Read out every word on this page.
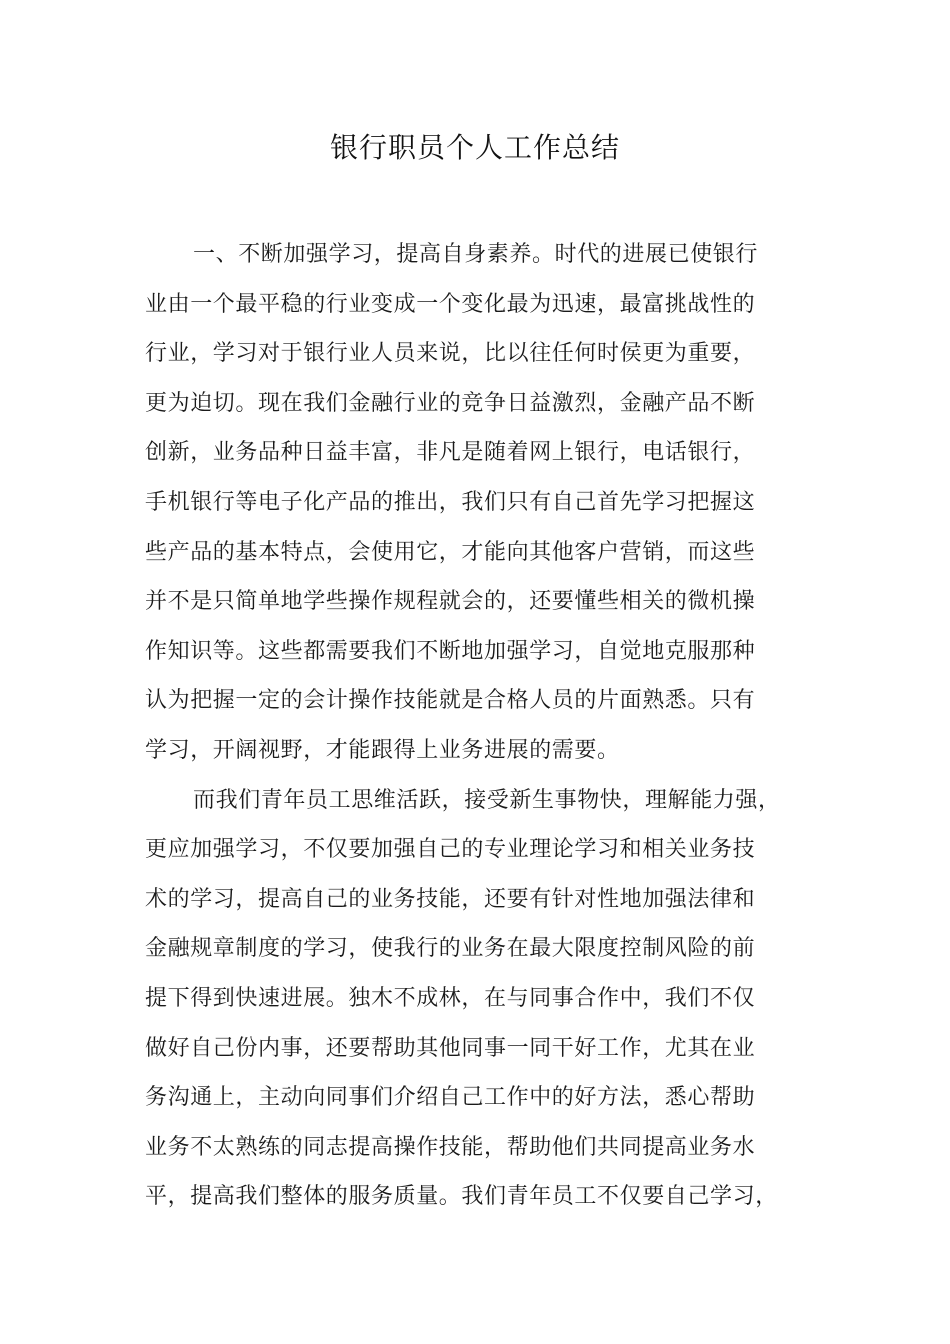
银行职员个人工作总结
一、不断加强学习，提高自身素养。时代的进展已使银行
业由一个最平稳的行业变成一个变化最为迅速，最富挑战性的
行业，学习对于银行业人员来说，比以往任何时侯更为重要，
更为迫切。现在我们金融行业的竞争日益激烈，金融产品不断
创新，业务品种日益丰富，非凡是随着网上银行，电话银行，
手机银行等电子化产品的推出，我们只有自己首先学习把握这
些产品的基本特点，会使用它，才能向其他客户营销，而这些
并不是只简单地学些操作规程就会的，还要懂些相关的微机操
作知识等。这些都需要我们不断地加强学习，自觉地克服那种
认为把握一定的会计操作技能就是合格人员的片面熟悉。只有
学习，开阔视野，才能跟得上业务进展的需要。
而我们青年员工思维活跃，接受新生事物快，理解能力强，
更应加强学习，不仅要加强自己的专业理论学习和相关业务技
术的学习，提高自己的业务技能，还要有针对性地加强法律和
金融规章制度的学习，使我行的业务在最大限度控制风险的前
提下得到快速进展。独木不成林，在与同事合作中，我们不仅
做好自己份内事，还要帮助其他同事一同干好工作，尤其在业
务沟通上，主动向同事们介绍自己工作中的好方法，悉心帮助
业务不太熟练的同志提高操作技能，帮助他们共同提高业务水
平，提高我们整体的服务质量。我们青年员工不仅要自己学习，
